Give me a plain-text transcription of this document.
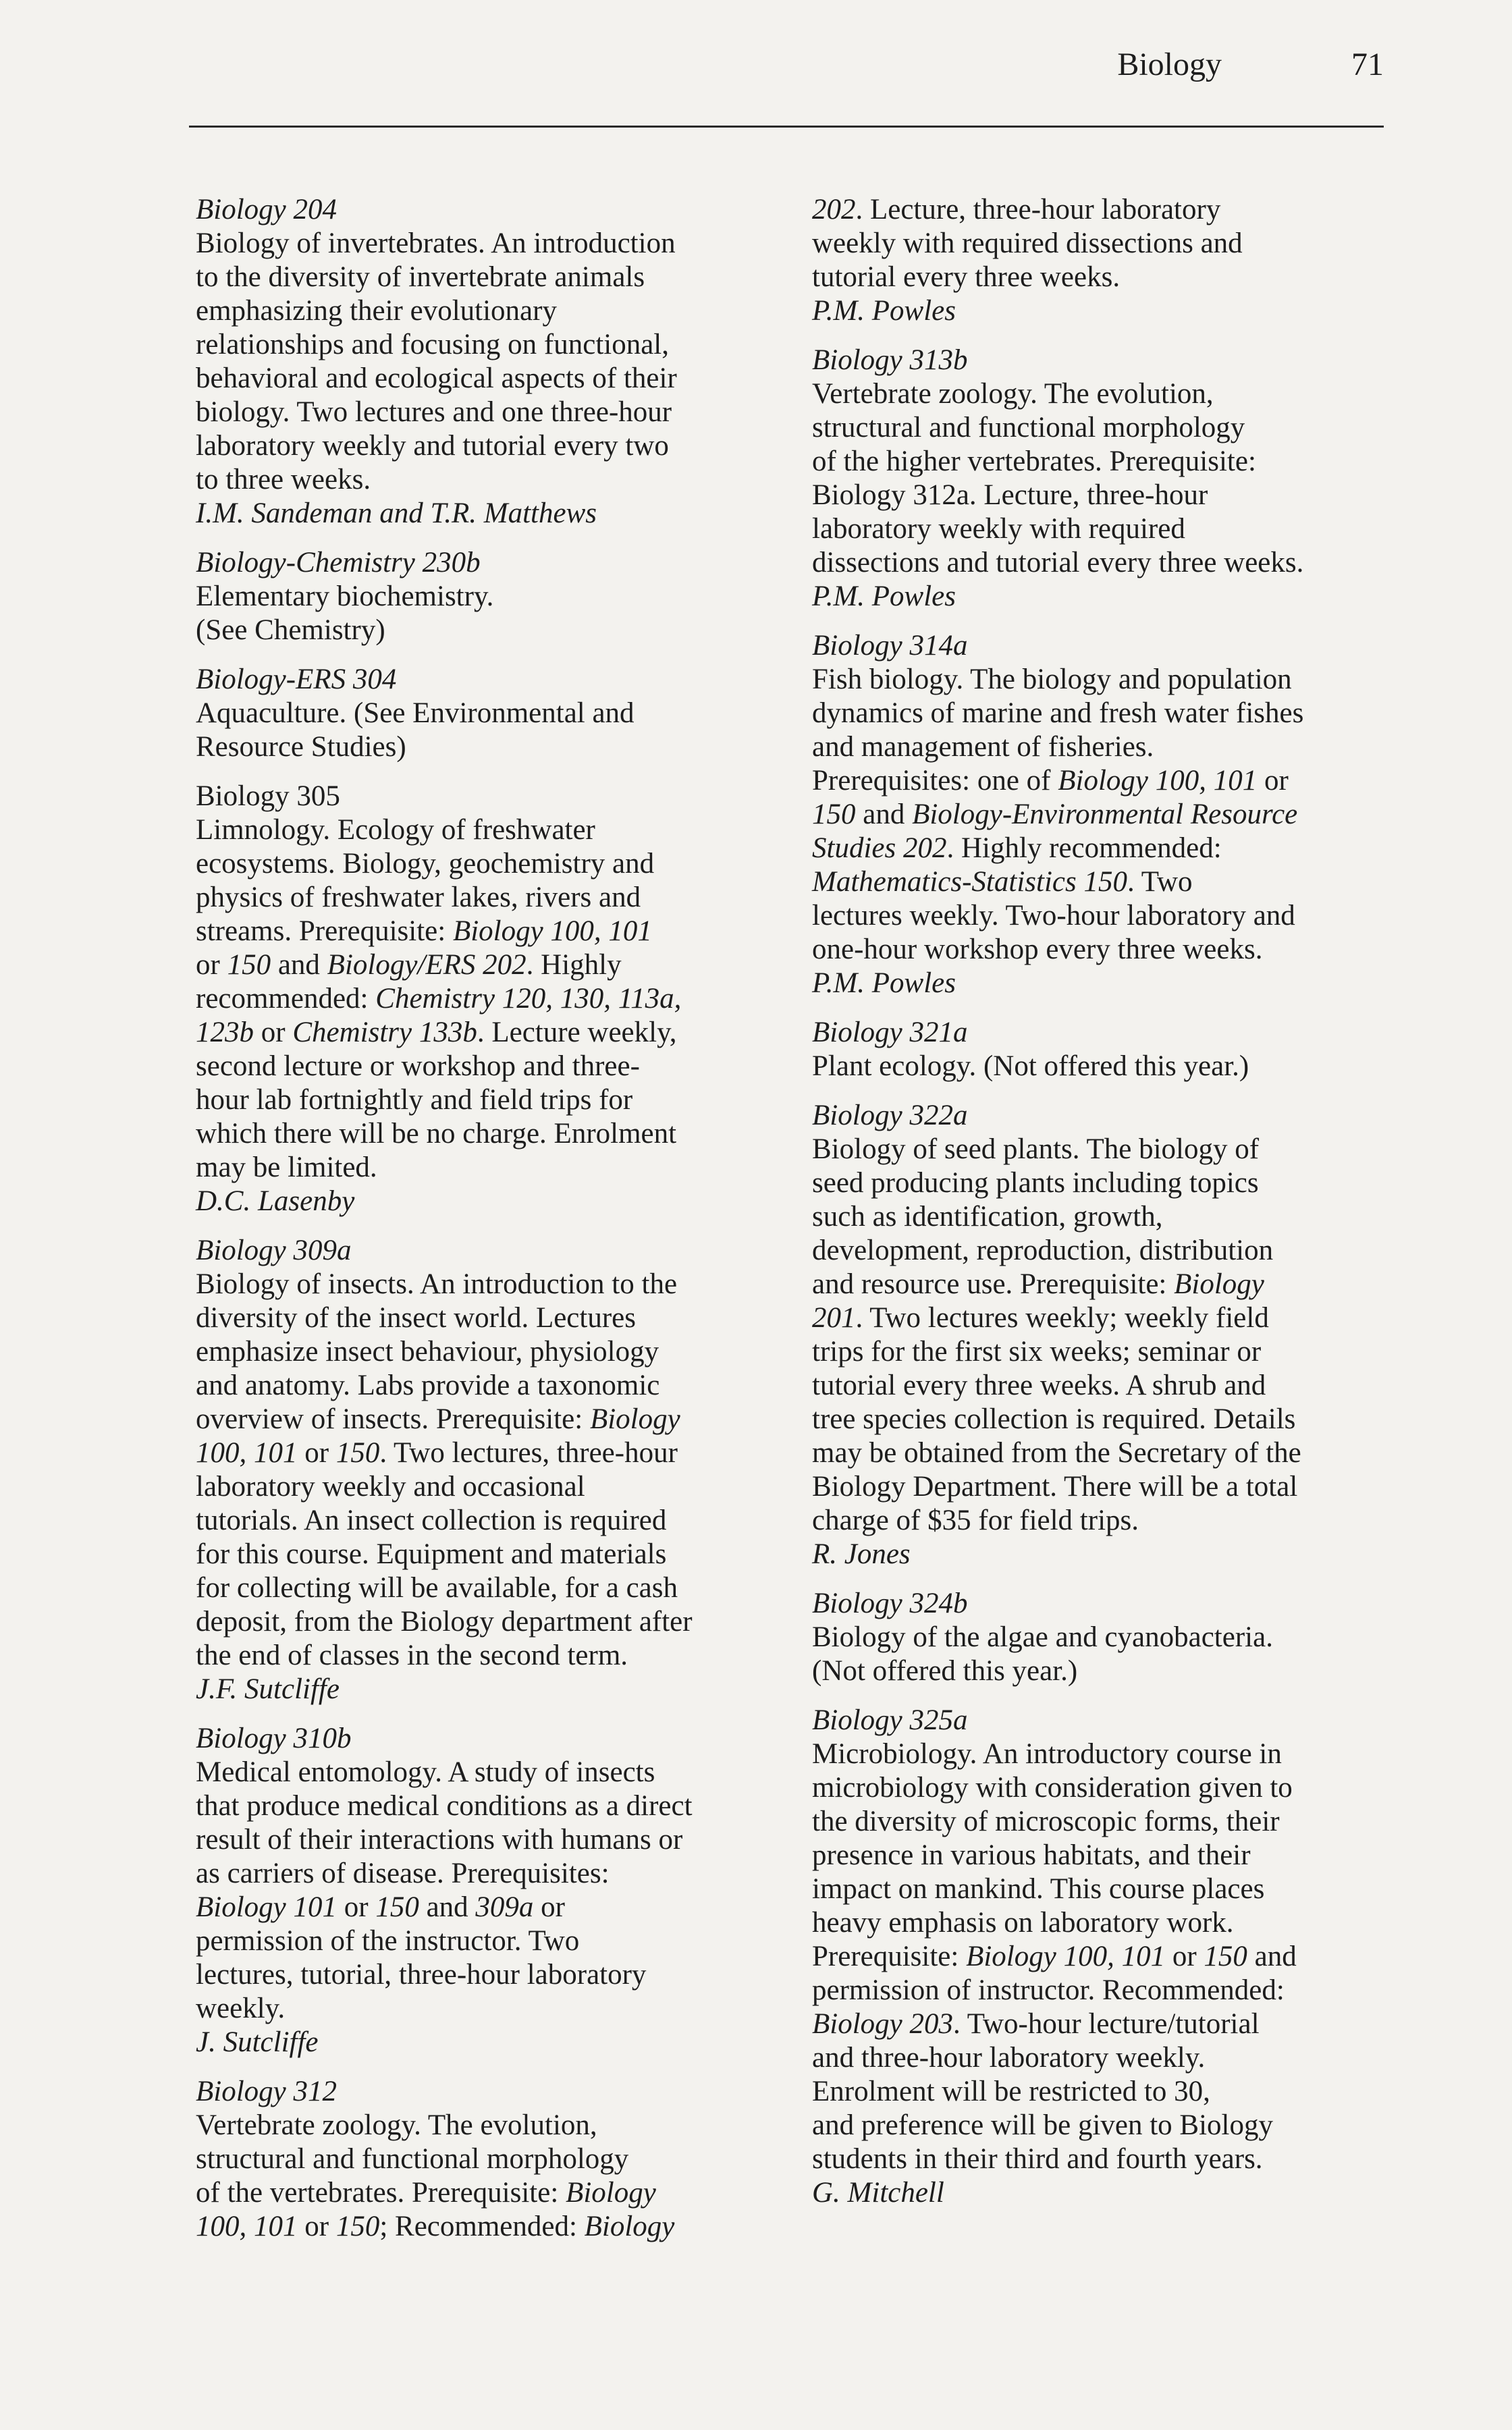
Biology	71
Biology 204

Biology of invertebrates. An introduction
to the diversity of invertebrate animals
emphasizing their evolutionary
relationships and focusing on functional,
behavioral and ecological aspects of their
biology. Two lectures and one three-hour
laboratory weekly and tutorial every two
to three weeks.

I.M. Sandeman and T.R. Matthews
Biology-Chemistry 230b

Elementary biochemistry.
(See Chemistry)

Biology-ERS 304

Aquaculture. (See Environmental and
Resource Studies)

Biology 305

Limnology. Ecology of freshwater
ecosystems. Biology, geochemistry and
physics of freshwater lakes, rivers and
streams. Prerequisite: Biology 100, 101
or 150 and Biology/ERS 202. Highly
recommended: Chemistry 120, 130, 113a,
123b or Chemistry 133b. Lecture weekly,
second lecture or workshop and three-
hour lab fortnightly and field trips for
which there will be no charge. Enrolment
may be limited.

D.C. Lasenby
Biology 309a

Biology of insects. An introduction to the
diversity of the insect world. Lectures
emphasize insect behaviour, physiology
and anatomy. Labs provide a taxonomic
overview of insects. Prerequisite: Biology
100, 101 or 150. Two lectures, three-hour
laboratory weekly and occasional
tutorials. An insect collection is required
for this course. Equipment and materials
for collecting will be available, for a cash
deposit, from the Biology department after
the end of classes in the second term.

J.F. Sutcliffe
Biology 310b

Medical entomology. A study of insects
that produce medical conditions as a direct
result of their interactions with humans or
as carriers of disease. Prerequisites:
Biology 101 or 150 and 309a or
permission of the instructor. Two
lectures, tutorial, three-hour laboratory
weekly.

J. Sutcliffe
Biology 312

Vertebrate zoology. The evolution,
structural and functional morphology
of the vertebrates. Prerequisite: Biology
100, 101 or 150; Recommended: Biology

202. Lecture, three-hour laboratory
weekly with required dissections and
tutorial every three weeks.

P.M. Powles
Biology 313b

Vertebrate zoology. The evolution,
structural and functional morphology
of the higher vertebrates. Prerequisite:
Biology 312a. Lecture, three-hour
laboratory weekly with required
dissections and tutorial every three weeks.

P.M. Powles
Biology 314a

Fish biology. The biology and population
dynamics of marine and fresh water fishes
and management of fisheries.
Prerequisites: one of Biology 100, 101 or
150 and Biology-Environmental Resource
Studies 202. Highly recommended:
Mathematics-Statistics 150. Two
lectures weekly. Two-hour laboratory and
one-hour workshop every three weeks.

P.M. Powles
Biology 321a

Plant ecology. (Not offered this year.)

Biology 322a

Biology of seed plants. The biology of
seed producing plants including topics
such as identification, growth,
development, reproduction, distribution
and resource use. Prerequisite: Biology
201. Two lectures weekly; weekly field
trips for the first six weeks; seminar or
tutorial every three weeks. A shrub and
tree species collection is required. Details
may be obtained from the Secretary of the
Biology Department. There will be a total
charge of $35 for field trips.

R. Jones
Biology 324b

Biology of the algae and cyanobacteria.
(Not offered this year.)

Biology 325a

Microbiology. An introductory course in
microbiology with consideration given to
the diversity of microscopic forms, their
presence in various habitats, and their
impact on mankind. This course places
heavy emphasis on laboratory work.
Prerequisite: Biology 100, 101 or 150 and
permission of instructor. Recommended:
Biology 203. Two-hour lecture/tutorial
and three-hour laboratory weekly.
Enrolment will be restricted to 30,
and preference will be given to Biology
students in their third and fourth years.

G. Mitchell
